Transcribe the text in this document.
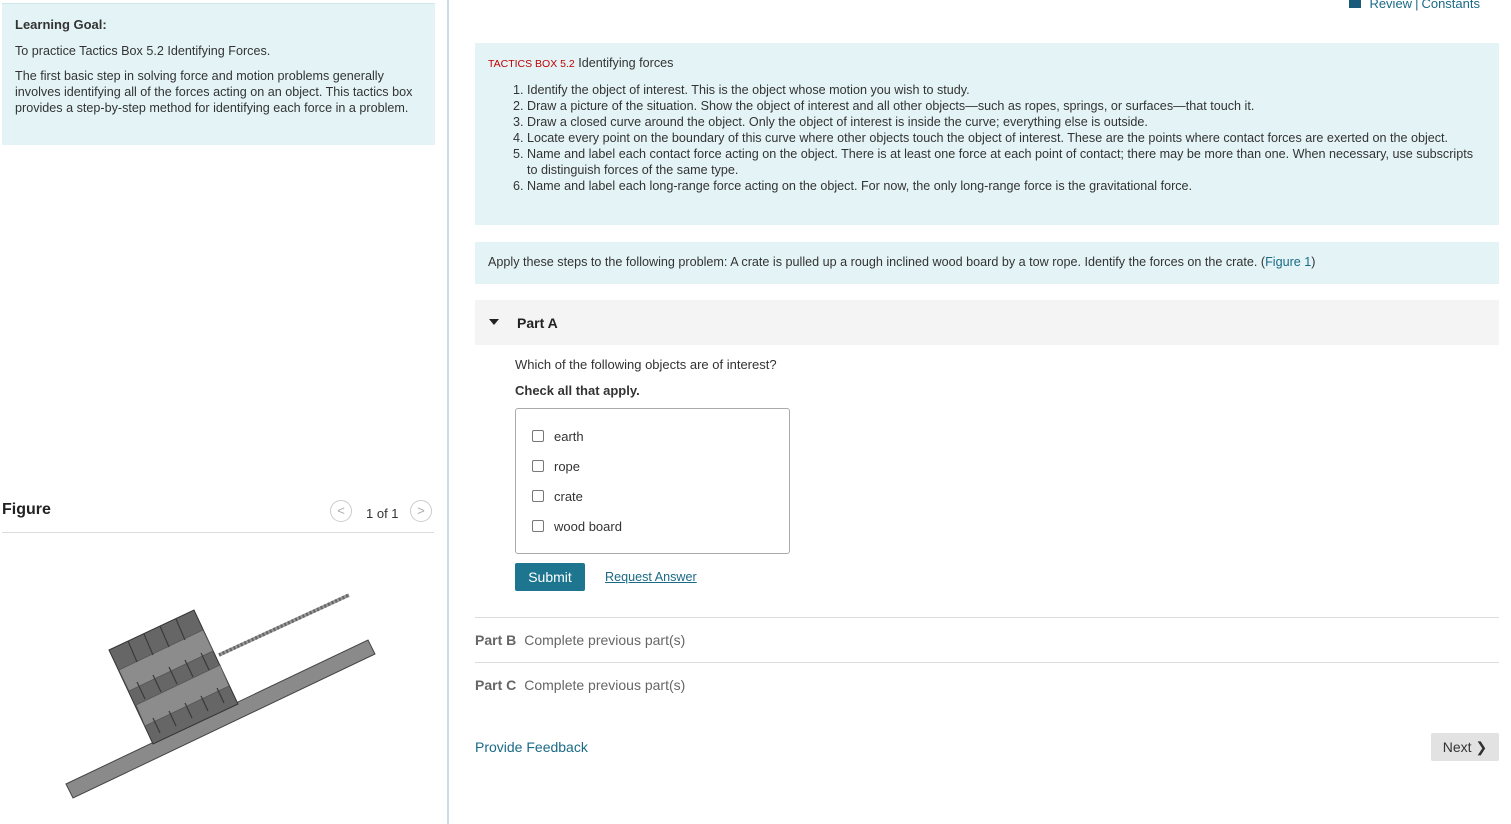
Learning Goal:

To practice Tactics Box 5.2 Identifying Forces.

The first basic step in solving force and motion problems generally involves identifying all of the forces acting on an object. This tactics box provides a step-by-step method for identifying each force in a problem.

Figure	<	1 of 1	>
Review | Constants
TACTICS BOX 5.2 Identifying forces
1. Identify the object of interest. This is the object whose motion you wish to study.
2. Draw a picture of the situation. Show the object of interest and all other objects—such as ropes, springs, or surfaces—that touch it.
3. Draw a closed curve around the object. Only the object of interest is inside the curve; everything else is outside.
4. Locate every point on the boundary of this curve where other objects touch the object of interest. These are the points where contact forces are exerted on the object.
5. Name and label each contact force acting on the object. There is at least one force at each point of contact; there may be more than one. When necessary, use subscripts to distinguish forces of the same type.
6. Name and label each long-range force acting on the object. For now, the only long-range force is the gravitational force.
Apply these steps to the following problem: A crate is pulled up a rough inclined wood board by a tow rope. Identify the forces on the crate. (Figure 1)
Part A
Which of the following objects are of interest?
Check all that apply.
earth
rope
crate
wood board
Submit	Request Answer
Part B Complete previous part(s)
Part C Complete previous part(s)
Provide Feedback	Next ❯
